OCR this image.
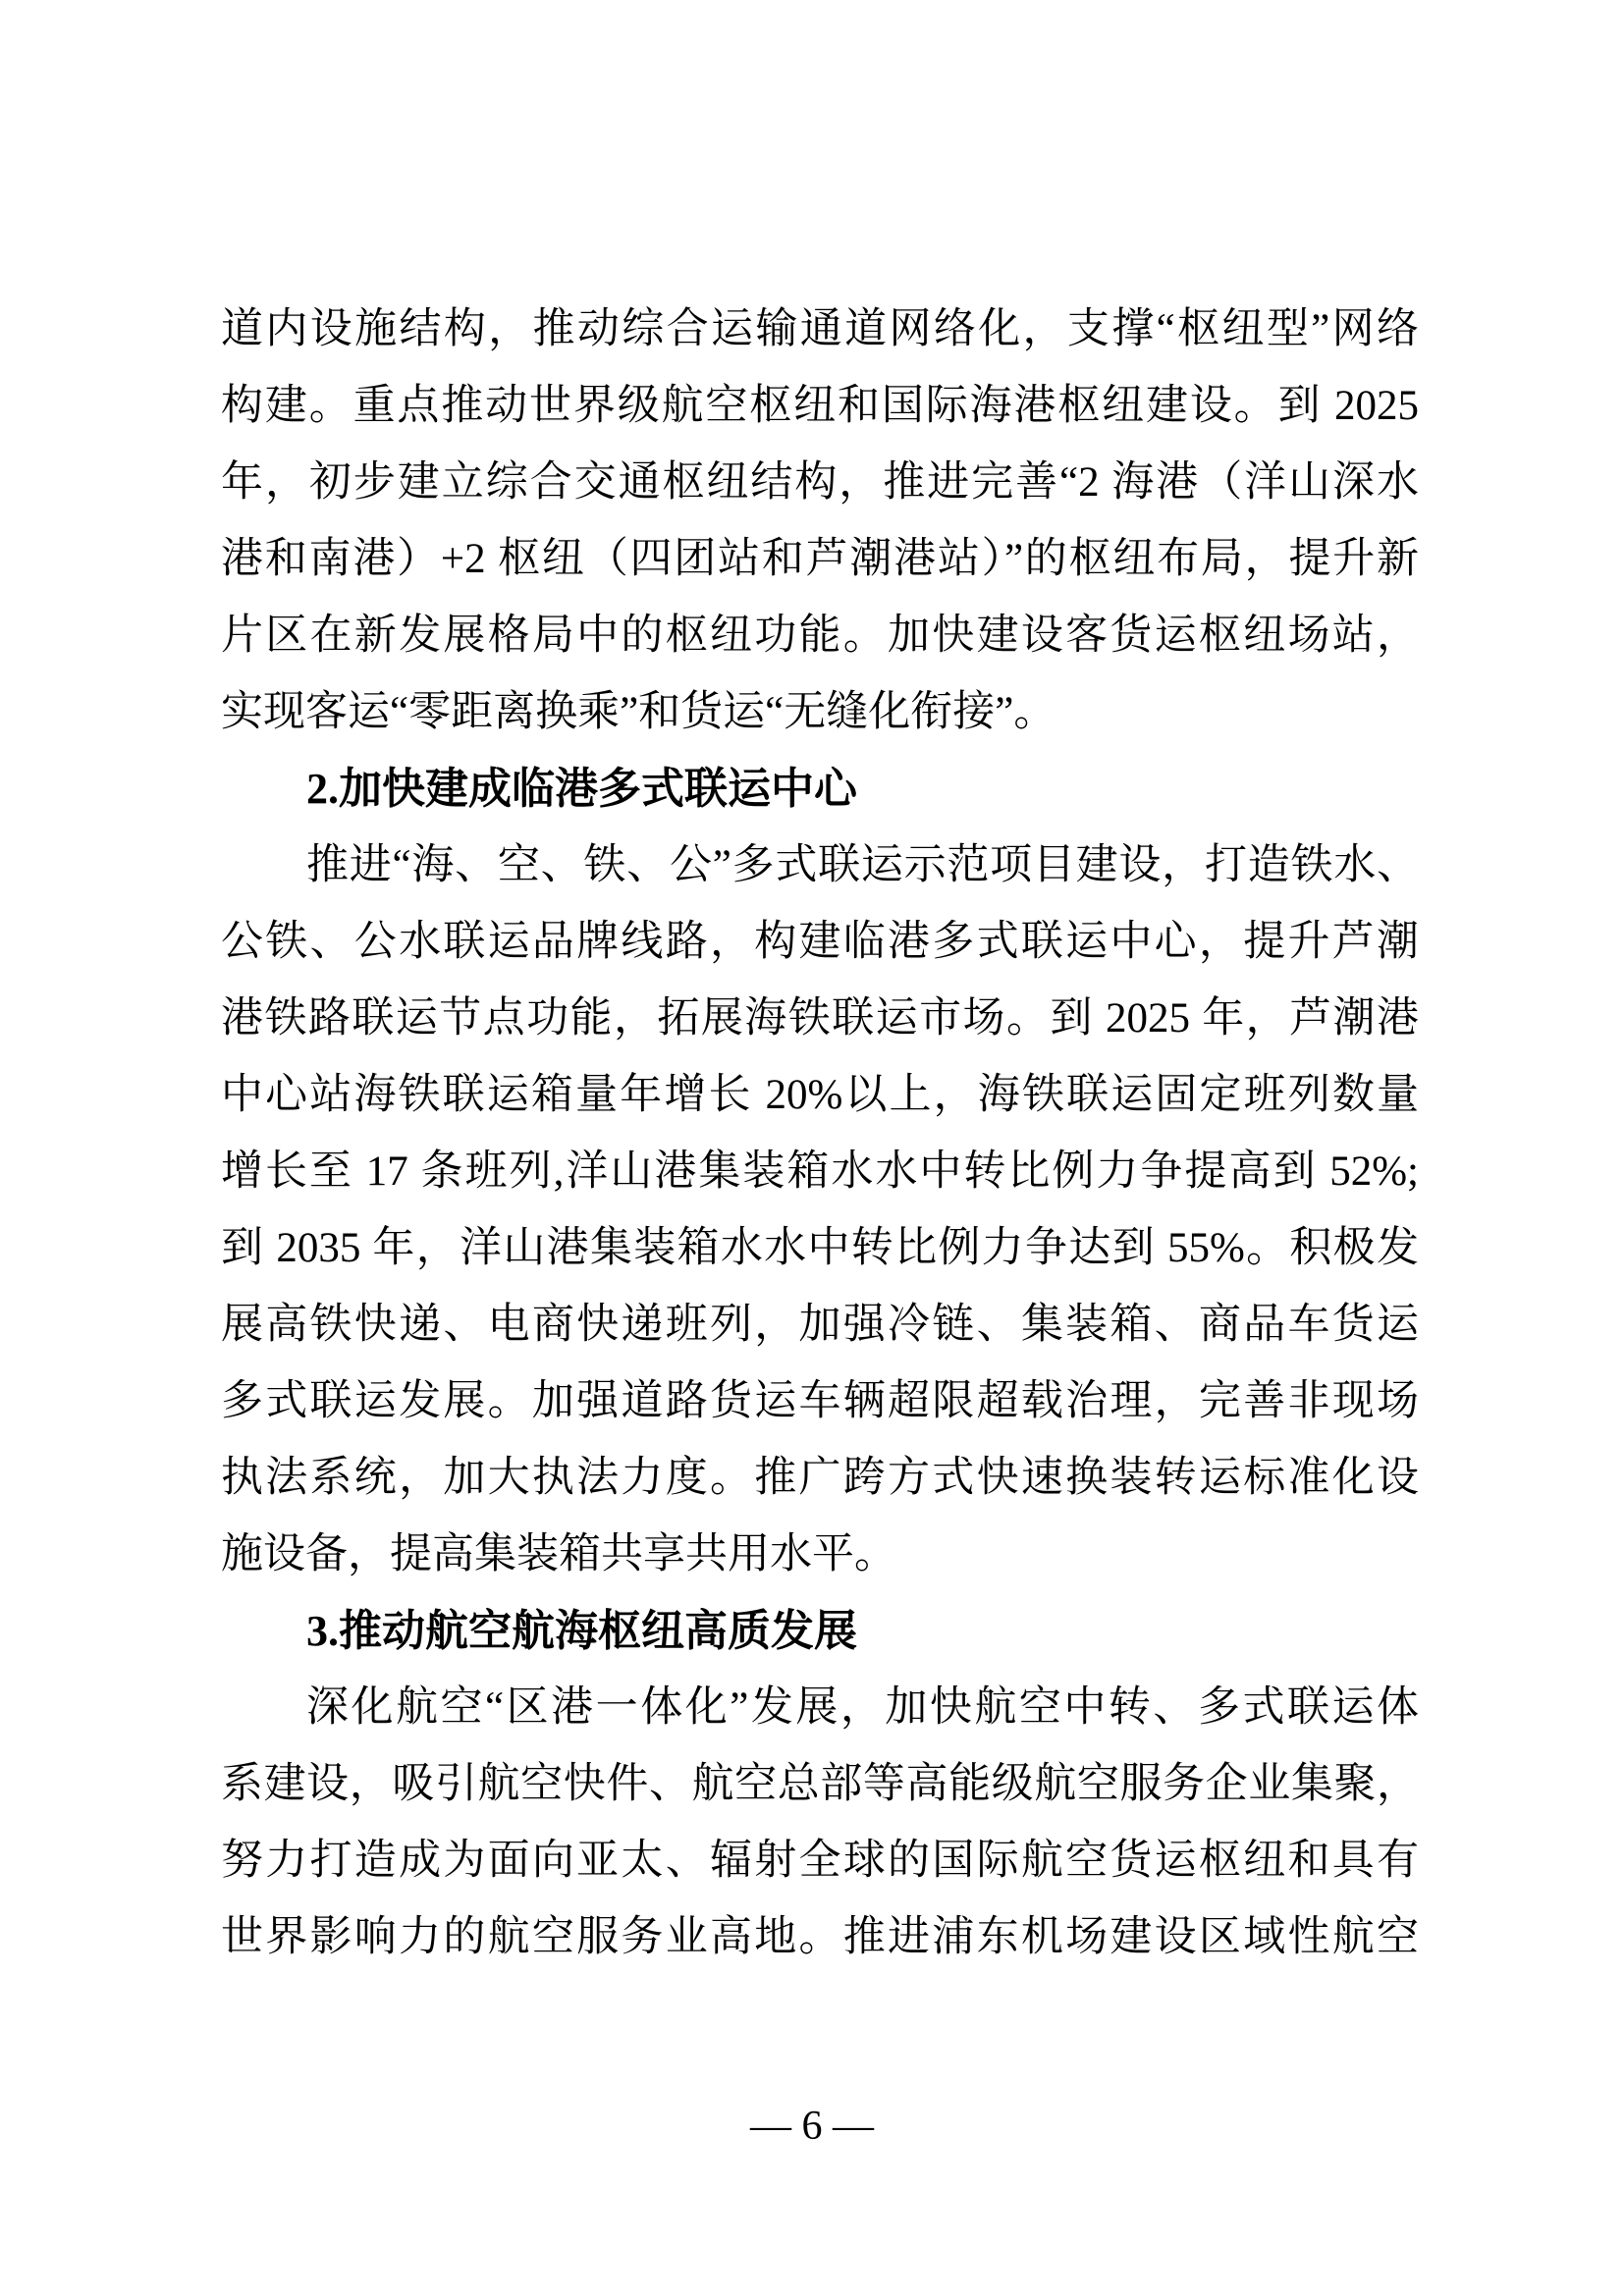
道内设施结构，推动综合运输通道网络化，支撑“枢纽型”网络
构建。重点推动世界级航空枢纽和国际海港枢纽建设。到 2025
年，初步建立综合交通枢纽结构，推进完善“2 海港（洋山深水
港和南港）+2 枢纽（四团站和芦潮港站）”的枢纽布局，提升新
片区在新发展格局中的枢纽功能。加快建设客货运枢纽场站，
实现客运“零距离换乘”和货运“无缝化衔接”。
2.加快建成临港多式联运中心
推进“海、空、铁、公”多式联运示范项目建设，打造铁水、
公铁、公水联运品牌线路，构建临港多式联运中心，提升芦潮
港铁路联运节点功能，拓展海铁联运市场。到 2025 年，芦潮港
中心站海铁联运箱量年增长 20%以上，海铁联运固定班列数量
增长至 17 条班列,洋山港集装箱水水中转比例力争提高到 52%;
到 2035 年，洋山港集装箱水水中转比例力争达到 55%。积极发
展高铁快递、电商快递班列，加强冷链、集装箱、商品车货运
多式联运发展。加强道路货运车辆超限超载治理，完善非现场
执法系统，加大执法力度。推广跨方式快速换装转运标准化设
施设备，提高集装箱共享共用水平。
3.推动航空航海枢纽高质发展
深化航空“区港一体化”发展，加快航空中转、多式联运体
系建设，吸引航空快件、航空总部等高能级航空服务企业集聚，
努力打造成为面向亚太、辐射全球的国际航空货运枢纽和具有
世界影响力的航空服务业高地。推进浦东机场建设区域性航空
— 6 —
